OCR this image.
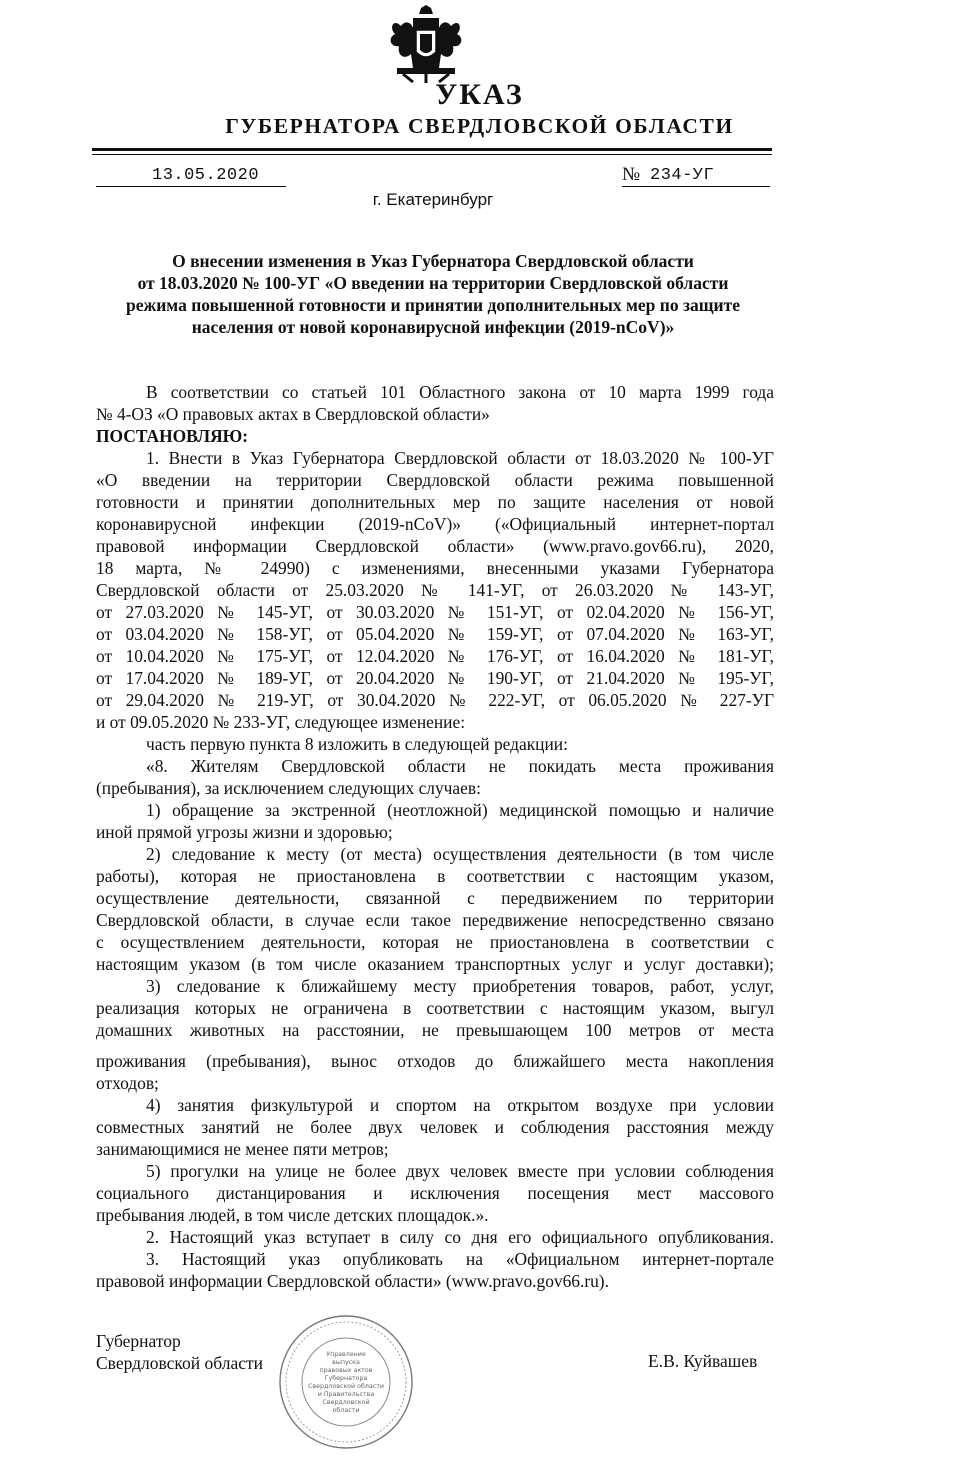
УКАЗ
ГУБЕРНАТОРА СВЕРДЛОВСКОЙ ОБЛАСТИ
13.05.2020	№ 234-УГ
г. Екатеринбург
О внесении изменения в Указ Губернатора Свердловской области
от 18.03.2020 № 100-УГ «О введении на территории Свердловской области
режима повышенной готовности и принятии дополнительных мер по защите
населения от новой коронавирусной инфекции (2019-nCoV)»
В соответствии со статьей 101 Областного закона от 10 марта 1999 года
№ 4-ОЗ «О правовых актах в Свердловской области»
ПОСТАНОВЛЯЮ:
1. Внести в Указ Губернатора Свердловской области от 18.03.2020 № 100-УГ
«О введении на территории Свердловской области режима повышенной
готовности и принятии дополнительных мер по защите населения от новой
коронавирусной инфекции (2019-nCoV)» («Официальный интернет-портал
правовой информации Свердловской области» (www.pravo.gov66.ru), 2020,
18 марта, № 24990) с изменениями, внесенными указами Губернатора
Свердловской области от 25.03.2020 № 141-УГ, от 26.03.2020 № 143-УГ,
от 27.03.2020 № 145-УГ, от 30.03.2020 № 151-УГ, от 02.04.2020 № 156-УГ,
от 03.04.2020 № 158-УГ, от 05.04.2020 № 159-УГ, от 07.04.2020 № 163-УГ,
от 10.04.2020 № 175-УГ, от 12.04.2020 № 176-УГ, от 16.04.2020 № 181-УГ,
от 17.04.2020 № 189-УГ, от 20.04.2020 № 190-УГ, от 21.04.2020 № 195-УГ,
от 29.04.2020 № 219-УГ, от 30.04.2020 № 222-УГ, от 06.05.2020 № 227-УГ
и от 09.05.2020 № 233-УГ, следующее изменение:
часть первую пункта 8 изложить в следующей редакции:
«8. Жителям Свердловской области не покидать места проживания
(пребывания), за исключением следующих случаев:
1) обращение за экстренной (неотложной) медицинской помощью и наличие
иной прямой угрозы жизни и здоровью;
2) следование к месту (от места) осуществления деятельности (в том числе
работы), которая не приостановлена в соответствии с настоящим указом,
осуществление деятельности, связанной с передвижением по территории
Свердловской области, в случае если такое передвижение непосредственно связано
с осуществлением деятельности, которая не приостановлена в соответствии с
настоящим указом (в том числе оказанием транспортных услуг и услуг доставки);
3) следование к ближайшему месту приобретения товаров, работ, услуг,
реализация которых не ограничена в соответствии с настоящим указом, выгул
домашних животных на расстоянии, не превышающем 100 метров от места
проживания (пребывания), вынос отходов до ближайшего места накопления
отходов;
4) занятия физкультурой и спортом на открытом воздухе при условии
совместных занятий не более двух человек и соблюдения расстояния между
занимающимися не менее пяти метров;
5) прогулки на улице не более двух человек вместе при условии соблюдения
социального дистанцирования и исключения посещения мест массового
пребывания людей, в том числе детских площадок.».
2. Настоящий указ вступает в силу со дня его официального опубликования.
3. Настоящий указ опубликовать на «Официальном интернет-портале
правовой информации Свердловской области» (www.pravo.gov66.ru).
Губернатор
Свердловской области	Е.В. Куйвашев
Управление
выпуска
правовых актов
Губернатора
Свердловской области
и Правительства
Свердловской
области
